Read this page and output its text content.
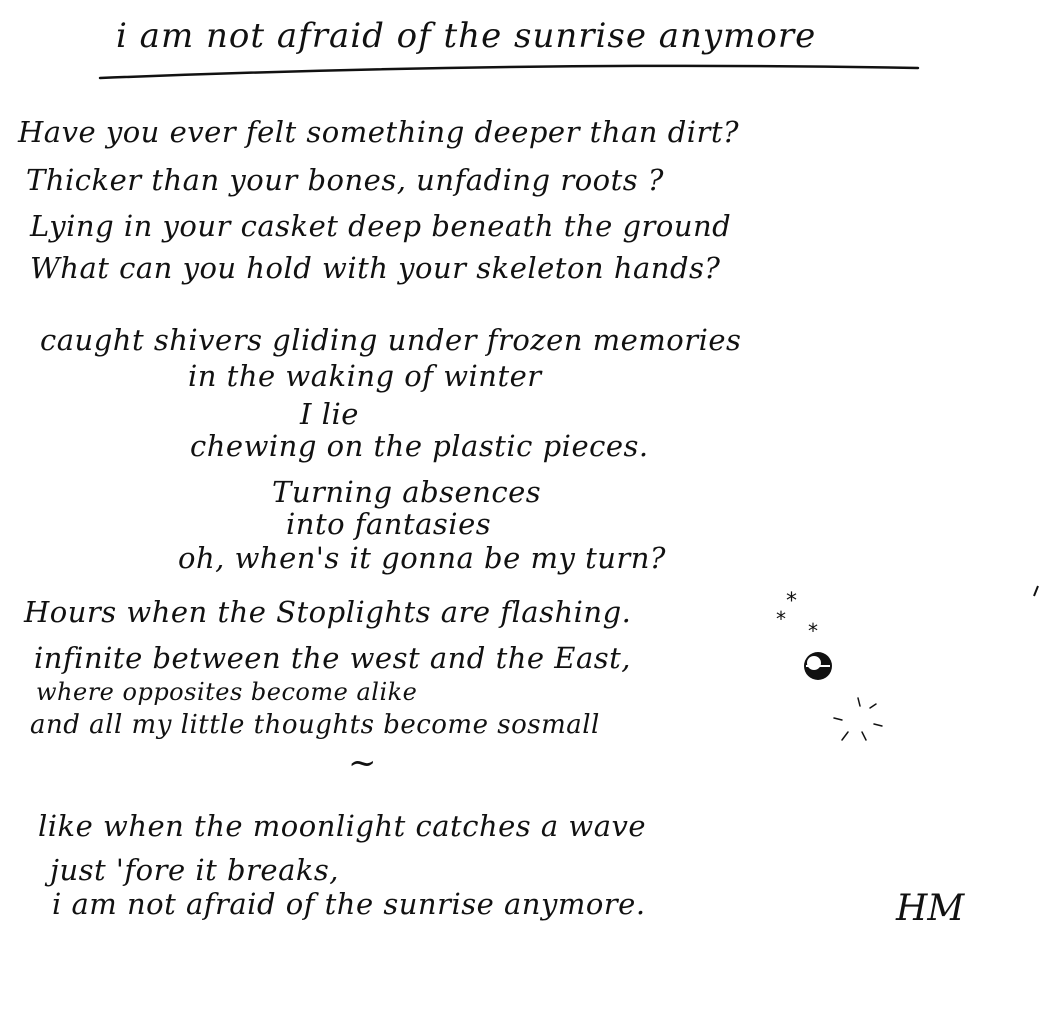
i am not afraid of the sunrise anymore
Have you ever felt something deeper than dirt?
Thicker than your bones, unfading roots ?
Lying in your casket deep beneath the ground
What can you hold with your skeleton hands?
caught shivers gliding under frozen memories
in the waking of winter
I lie
chewing on the plastic pieces.
Turning absences
into fantasies
oh, when's it gonna be my turn?
Hours when the Stoplights are flashing.
infinite between the west and the East,
where opposites become alike
and all my little thoughts become sosmall
~
like when the moonlight catches a wave
just 'fore it breaks,
i am not afraid of the sunrise anymore.	HM
*
* *
